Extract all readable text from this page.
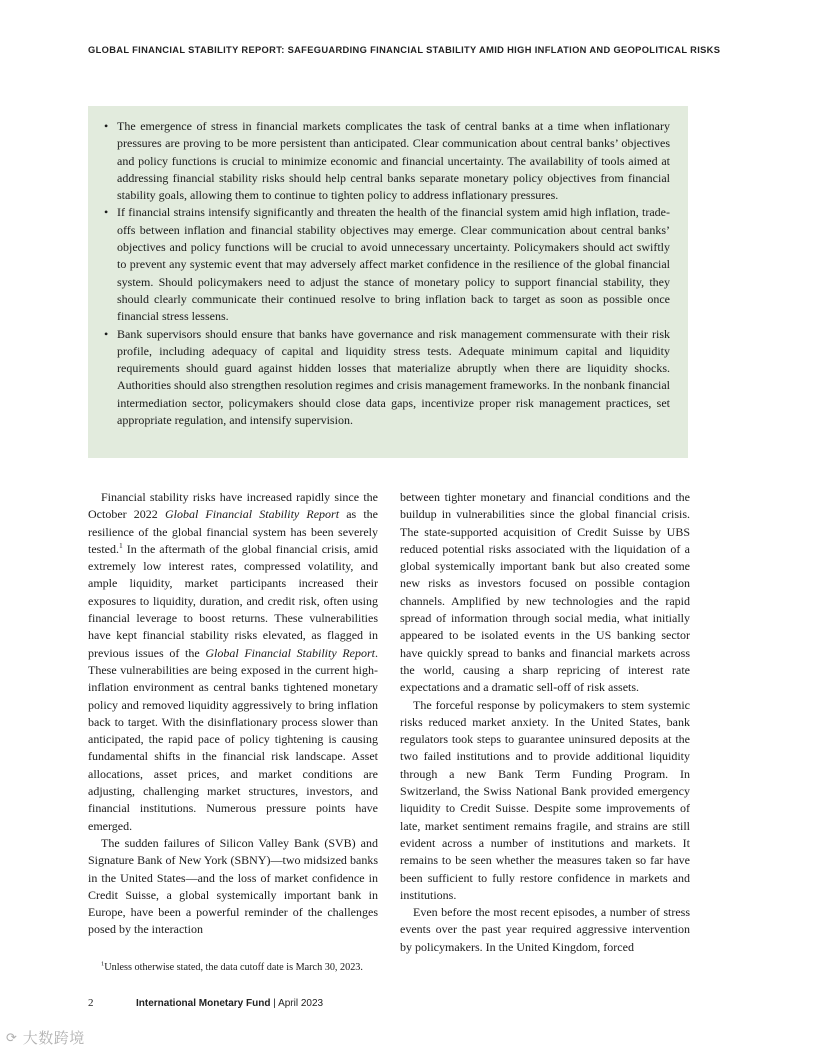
GLOBAL FINANCIAL STABILITY REPORT: SAFEGUARDING FINANCIAL STABILITY AMID HIGH INFLATION AND GEOPOLITICAL RISKS
• The emergence of stress in financial markets complicates the task of central banks at a time when inflationary pressures are proving to be more persistent than anticipated. Clear communication about central banks’ objectives and policy functions is crucial to minimize economic and financial uncertainty. The availability of tools aimed at addressing financial stability risks should help central banks separate monetary policy objectives from financial stability goals, allowing them to continue to tighten policy to address inflationary pressures.
• If financial strains intensify significantly and threaten the health of the financial system amid high inflation, trade-offs between inflation and financial stability objectives may emerge. Clear communication about central banks’ objectives and policy functions will be crucial to avoid unnecessary uncertainty. Policymakers should act swiftly to prevent any systemic event that may adversely affect market confidence in the resilience of the global financial system. Should policymakers need to adjust the stance of monetary policy to support financial stability, they should clearly communicate their continued resolve to bring inflation back to target as soon as possible once financial stress lessens.
• Bank supervisors should ensure that banks have governance and risk management commensurate with their risk profile, including adequacy of capital and liquidity stress tests. Adequate minimum capital and liquidity requirements should guard against hidden losses that materialize abruptly when there are liquidity shocks. Authorities should also strengthen resolution regimes and crisis management frameworks. In the nonbank financial intermediation sector, policymakers should close data gaps, incentivize proper risk management practices, set appropriate regulation, and intensify supervision.

Financial stability risks have increased rapidly since the October 2022 Global Financial Stability Report as the resilience of the global financial system has been severely tested.$^1$ In the aftermath of the global financial crisis, amid extremely low interest rates, compressed volatility, and ample liquidity, market participants increased their exposures to liquidity, duration, and credit risk, often using financial leverage to boost returns. These vulnerabilities have kept financial stability risks elevated, as flagged in previous issues of the Global Financial Stability Report. These vulnerabilities are being exposed in the current high-inflation environment as central banks tightened monetary policy and removed liquidity aggressively to bring inflation back to target. With the disinflationary process slower than anticipated, the rapid pace of policy tightening is causing fundamental shifts in the financial risk landscape. Asset allocations, asset prices, and market conditions are adjusting, challenging market structures, investors, and financial institutions. Numerous pressure points have emerged.

The sudden failures of Silicon Valley Bank (SVB) and Signature Bank of New York (SBNY)—two midsized banks in the United States—and the loss of market confidence in Credit Suisse, a global systemically important bank in Europe, have been a powerful reminder of the challenges posed by the interaction

between tighter monetary and financial conditions and the buildup in vulnerabilities since the global financial crisis. The state-supported acquisition of Credit Suisse by UBS reduced potential risks associated with the liquidation of a global systemically important bank but also created some new risks as investors focused on possible contagion channels. Amplified by new technologies and the rapid spread of information through social media, what initially appeared to be isolated events in the US banking sector have quickly spread to banks and financial markets across the world, causing a sharp repricing of interest rate expectations and a dramatic sell-off of risk assets.

The forceful response by policymakers to stem systemic risks reduced market anxiety. In the United States, bank regulators took steps to guarantee uninsured deposits at the two failed institutions and to provide additional liquidity through a new Bank Term Funding Program. In Switzerland, the Swiss National Bank provided emergency liquidity to Credit Suisse. Despite some improvements of late, market sentiment remains fragile, and strains are still evident across a number of institutions and markets. It remains to be seen whether the measures taken so far have been sufficient to fully restore confidence in markets and institutions.

Even before the most recent episodes, a number of stress events over the past year required aggressive intervention by policymakers. In the United Kingdom, forced

$^1$Unless otherwise stated, the data cutoff date is March 30, 2023.
2	International Monetary Fund | April 2023
⟳ 大数跨境
